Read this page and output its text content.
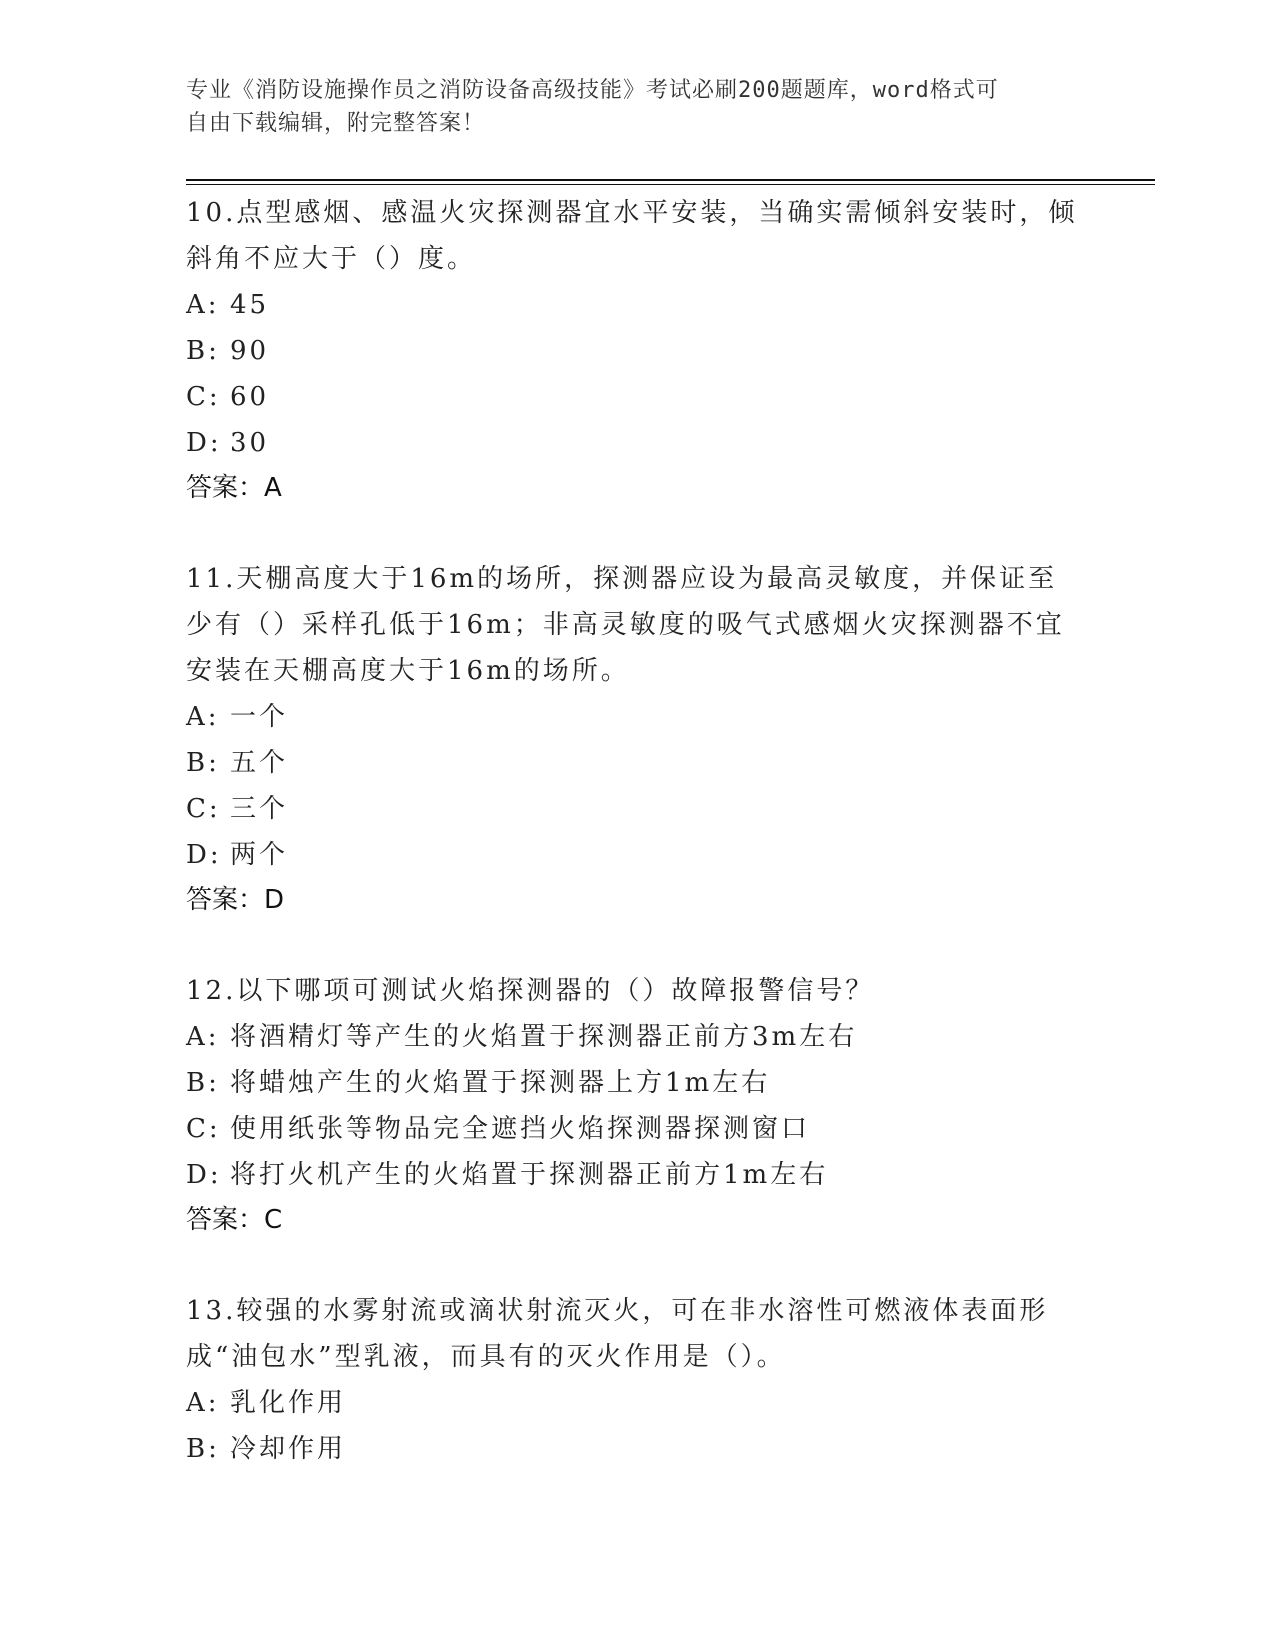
专业《消防设施操作员之消防设备高级技能》考试必刷200题题库，word格式可
自由下载编辑，附完整答案！
10.点型感烟、感温火灾探测器宜水平安装，当确实需倾斜安装时，倾斜角不应大于（）度。
A: 45
B: 90
C: 60
D: 30
答案：A
11.天棚高度大于16m的场所，探测器应设为最高灵敏度，并保证至少有（）采样孔低于16m；非高灵敏度的吸气式感烟火灾探测器不宜安装在天棚高度大于16m的场所。
A: 一个
B: 五个
C: 三个
D: 两个
答案：D
12.以下哪项可测试火焰探测器的（）故障报警信号？
A: 将酒精灯等产生的火焰置于探测器正前方3m左右
B: 将蜡烛产生的火焰置于探测器上方1m左右
C: 使用纸张等物品完全遮挡火焰探测器探测窗口
D: 将打火机产生的火焰置于探测器正前方1m左右
答案：C
13.较强的水雾射流或滴状射流灭火，可在非水溶性可燃液体表面形成“油包水”型乳液，而具有的灭火作用是（）。
A: 乳化作用
B: 冷却作用
